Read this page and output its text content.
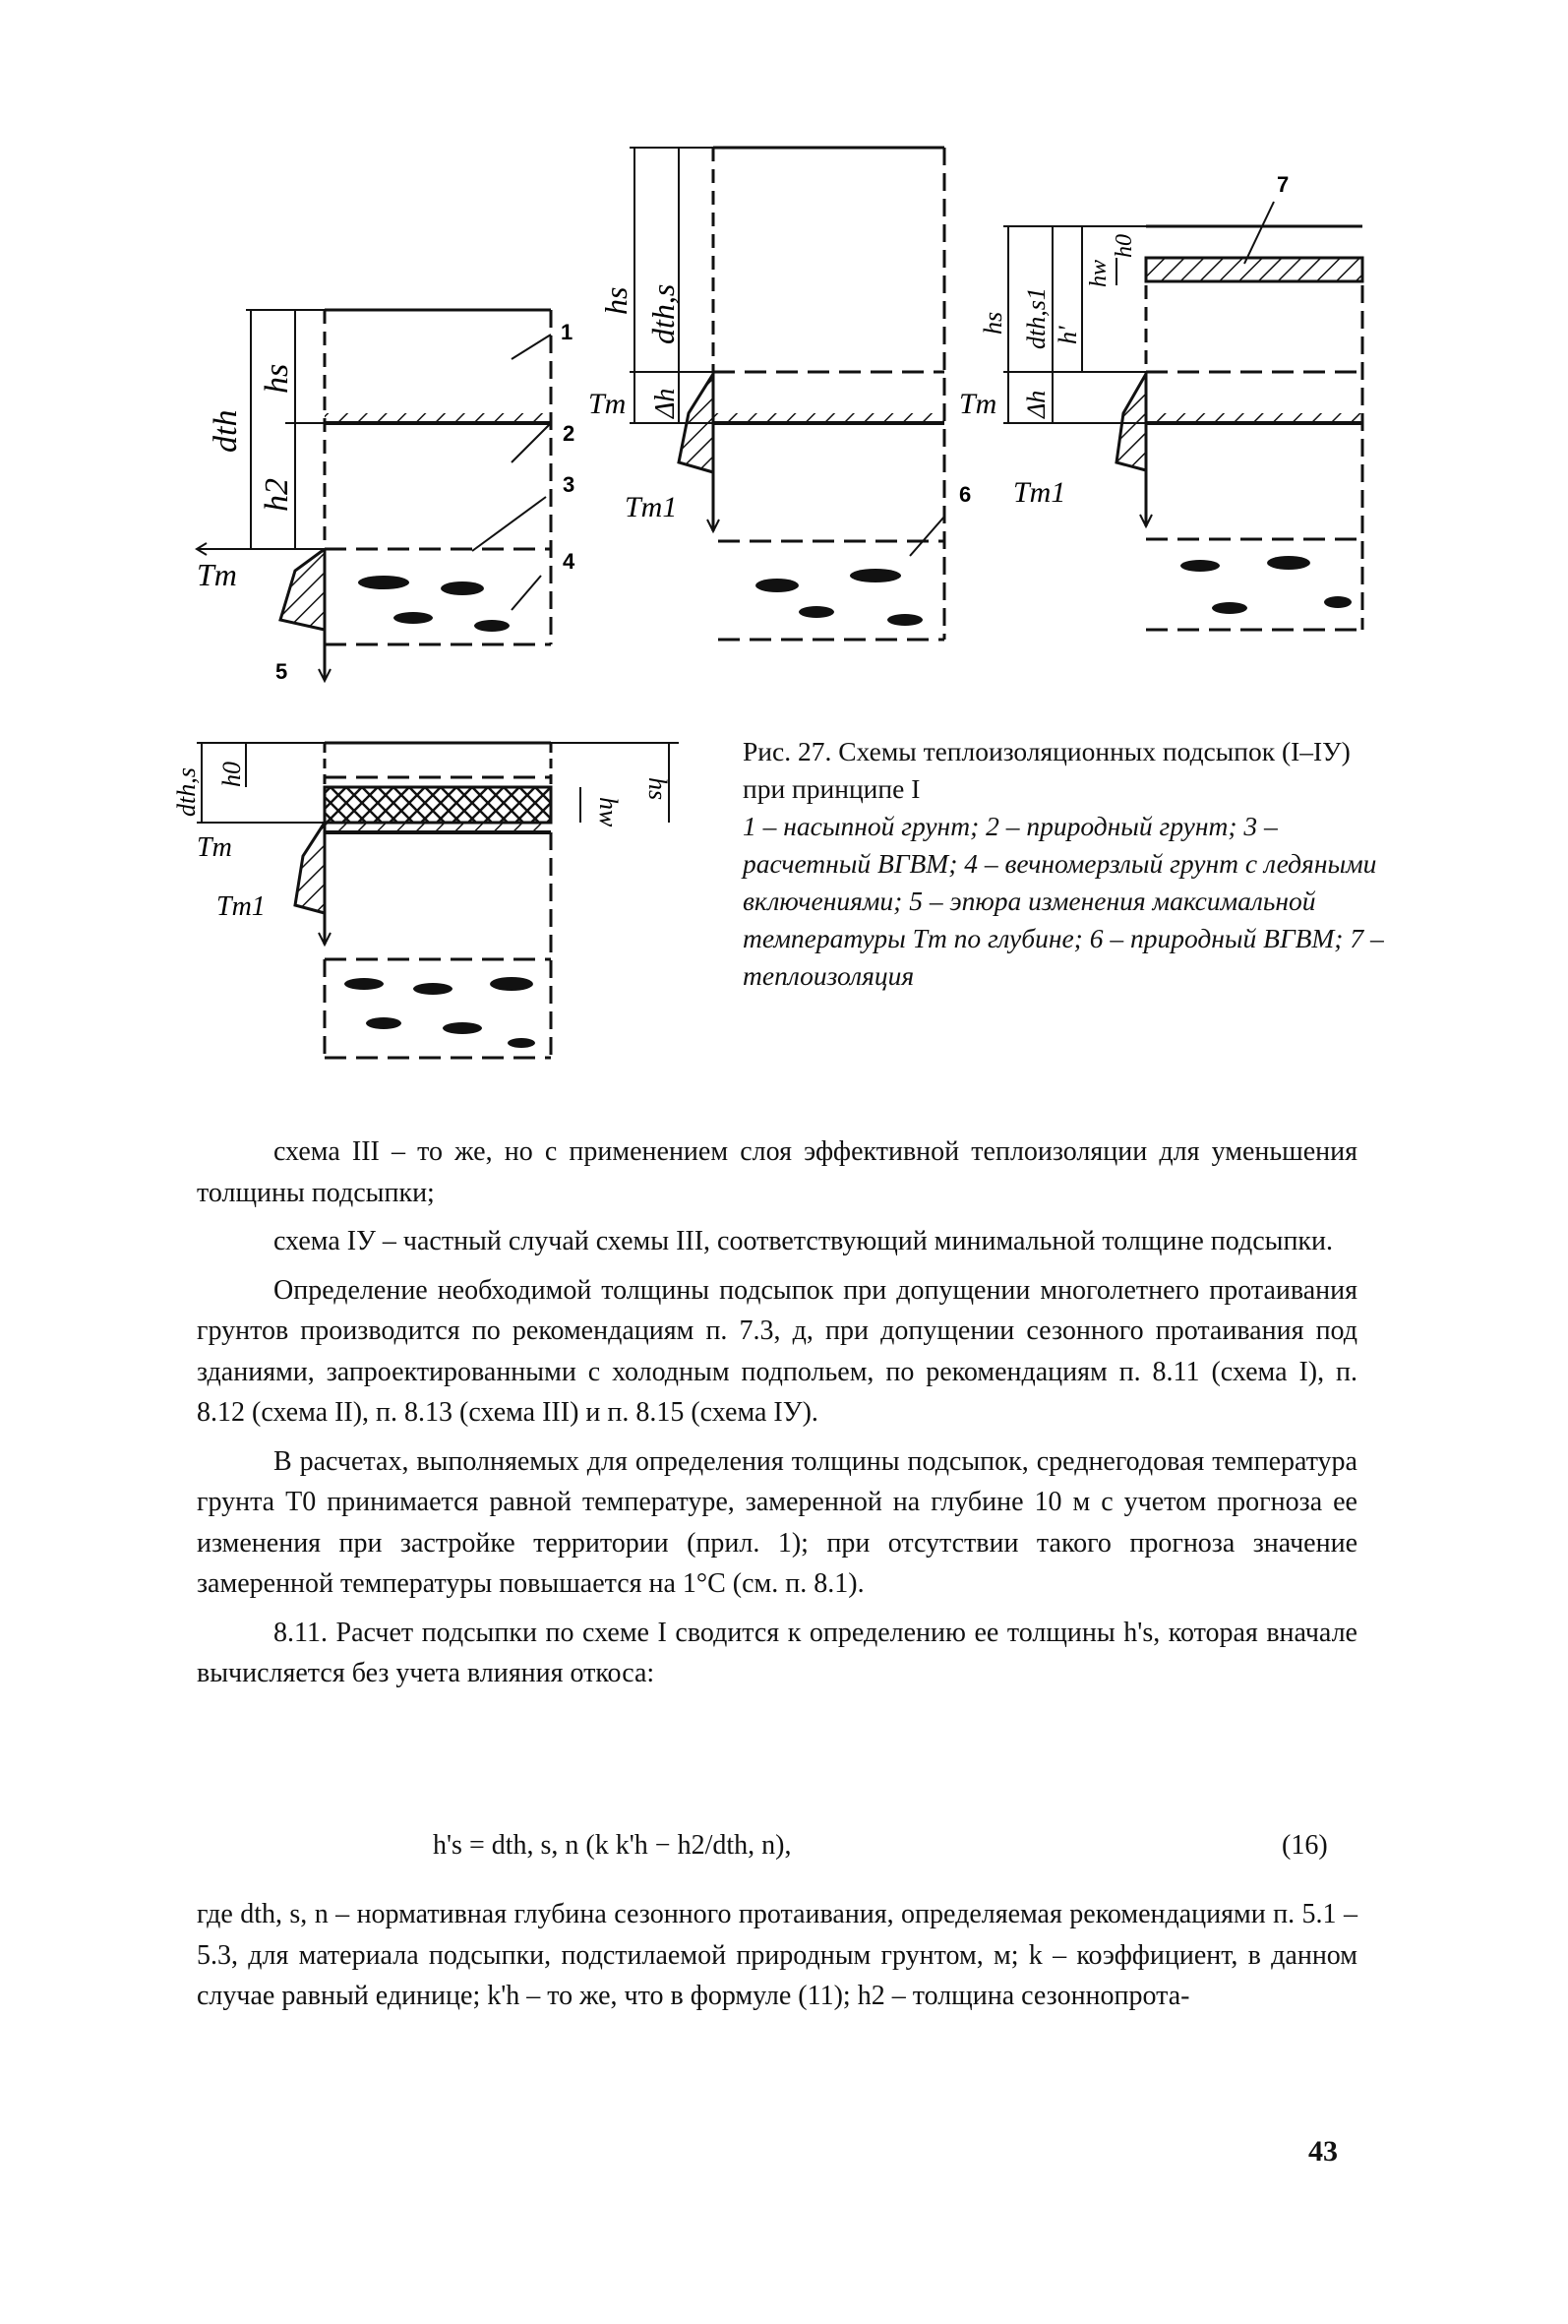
1
2
3
4
5
dth
hs
h2
Tm
6
hs dth,s
Δh
Tm
Tm1
7
hs dth,s1 h'
hw
h0
Δh
Tm
Tm1
dth,s h0
hw
hs
Tm
Tm1
Рис. 27. Схемы теплоизоляционных подсыпок (I–IУ) при принципе I
1 – насыпной грунт; 2 – природный грунт; 3 – расчетный ВГВМ; 4 – вечномерзлый грунт с ледяными включениями; 5 – эпюра изменения максимальной температуры Tm по глубине; 6 – природный ВГВМ; 7 – теплоизоляция

схема III – то же, но с применением слоя эффективной теплоизоляции для уменьшения толщины подсыпки;

схема IУ – частный случай схемы III, соответствующий минимальной толщине подсыпки.

Определение необходимой толщины подсыпок при допущении многолетнего протаивания грунтов производится по рекомендациям п. 7.3, д, при допущении сезонного протаивания под зданиями, запроектированными с холодным подпольем, по рекомендациям п. 8.11 (схема I), п. 8.12 (схема II), п. 8.13 (схема III) и п. 8.15 (схема IУ).

В расчетах, выполняемых для определения толщины подсыпок, среднегодовая температура грунта T0 принимается равной температуре, замеренной на глубине 10 м с учетом прогноза ее изменения при застройке территории (прил. 1); при отсутствии такого прогноза значение замеренной температуры повышается на 1°C (см. п. 8.1).

8.11. Расчет подсыпки по схеме I сводится к определению ее толщины h's, которая вначале вычисляется без учета влияния откоса:

h's = dth, s, n (k k'h − h2/dth, n),	(16)

где dth, s, n – нормативная глубина сезонного протаивания, определяемая рекомендациями п. 5.1 – 5.3, для материала подсыпки, подстилаемой природным грунтом, м; k – коэффициент, в данном случае равный единице; k'h – то же, что в формуле (11); h2 – толщина сезоннопрота-

43
